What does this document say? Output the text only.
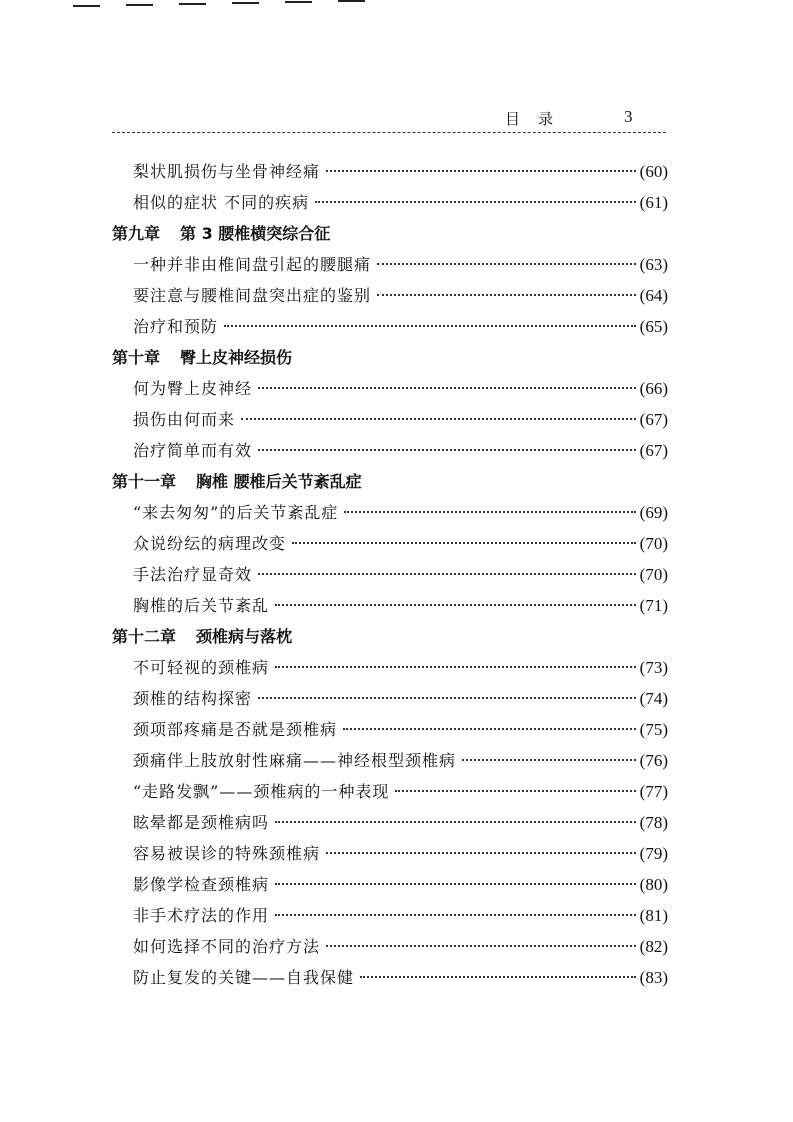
目录	3
梨状肌损伤与坐骨神经痛	(60)
相似的症状 不同的疾病	(61)
第九章 第 3 腰椎横突综合征
一种并非由椎间盘引起的腰腿痛	(63)
要注意与腰椎间盘突出症的鉴别	(64)
治疗和预防	(65)
第十章 臀上皮神经损伤
何为臀上皮神经	(66)
损伤由何而来	(67)
治疗简单而有效	(67)
第十一章 胸椎 腰椎后关节紊乱症
“来去匆匆”的后关节紊乱症	(69)
众说纷纭的病理改变	(70)
手法治疗显奇效	(70)
胸椎的后关节紊乱	(71)
第十二章 颈椎病与落枕
不可轻视的颈椎病	(73)
颈椎的结构探密	(74)
颈项部疼痛是否就是颈椎病	(75)
颈痛伴上肢放射性麻痛——神经根型颈椎病	(76)
“走路发飘”——颈椎病的一种表现	(77)
眩晕都是颈椎病吗	(78)
容易被误诊的特殊颈椎病	(79)
影像学检查颈椎病	(80)
非手术疗法的作用	(81)
如何选择不同的治疗方法	(82)
防止复发的关键——自我保健	(83)
